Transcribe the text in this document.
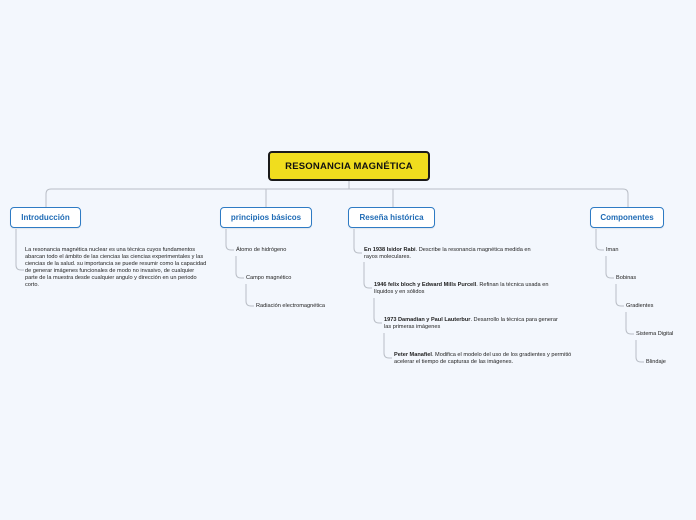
RESONANCIA MAGNÉTICA
Introducción	principios básicos	Reseña histórica	Componentes
La resonancia magnética nuclear es una técnica cuyos fundamentos abarcan todo el ámbito de las ciencias las ciencias experimentales y las ciencias de la salud. su importancia se puede resumir como la capacidad de generar imágenes funcionales de modo no invasivo, de cualquier parte de la muestra desde cualquier angulo y dirección en un periodo corto.
Átomo de hidrógeno
Campo magnético
Radiación electromagnética
En 1938 Isidor Rabi. Describe la resonancia magnética medida en rayos moleculares.
1946 felix bloch y Edward Mills Purcell. Refinan la técnica usada en líquidos y en sólidos
1973 Damadian y Paul Lauterbur. Desarrollo la técnica para generar las primeras imágenes
Peter Manafiel. Modifica el modelo del uso de los gradientes y permitió acelerar el tiempo de capturas de las imágenes.
Iman
Bobinas
Gradientes
Sistema Digital
Blindaje
